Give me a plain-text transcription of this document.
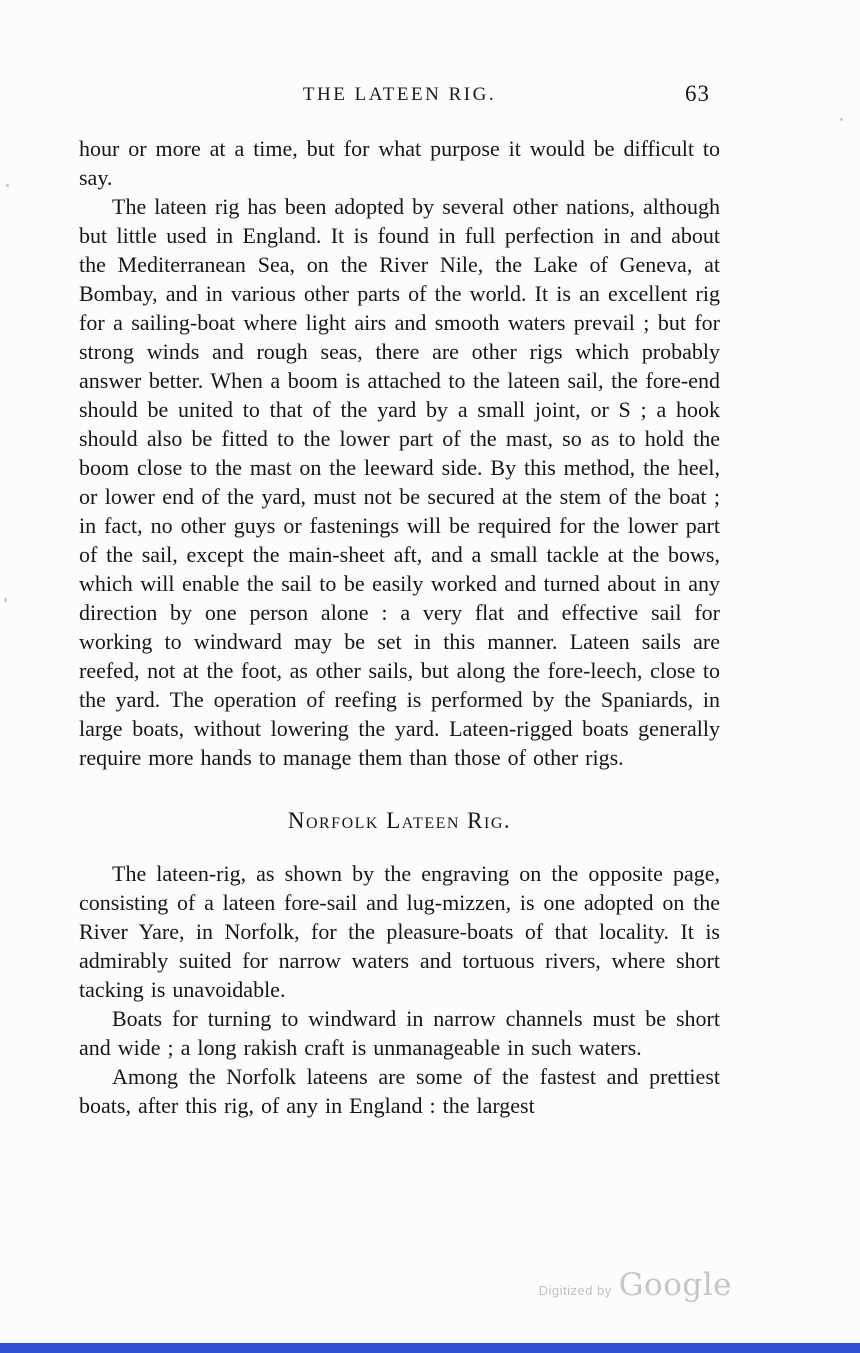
THE LATEEN RIG.	63

hour or more at a time, but for what purpose it would be difficult to say.

The lateen rig has been adopted by several other nations, although but little used in England. It is found in full perfection in and about the Mediterranean Sea, on the River Nile, the Lake of Geneva, at Bombay, and in various other parts of the world. It is an excellent rig for a sailing-boat where light airs and smooth waters prevail ; but for strong winds and rough seas, there are other rigs which probably answer better. When a boom is attached to the lateen sail, the fore-end should be united to that of the yard by a small joint, or S ; a hook should also be fitted to the lower part of the mast, so as to hold the boom close to the mast on the leeward side. By this method, the heel, or lower end of the yard, must not be secured at the stem of the boat ; in fact, no other guys or fastenings will be required for the lower part of the sail, except the main-sheet aft, and a small tackle at the bows, which will enable the sail to be easily worked and turned about in any direction by one person alone : a very flat and effective sail for working to windward may be set in this manner. Lateen sails are reefed, not at the foot, as other sails, but along the fore-leech, close to the yard. The operation of reefing is performed by the Spaniards, in large boats, without lowering the yard. Lateen-rigged boats generally require more hands to manage them than those of other rigs.

Norfolk Lateen Rig.

The lateen-rig, as shown by the engraving on the opposite page, consisting of a lateen fore-sail and lug-mizzen, is one adopted on the River Yare, in Norfolk, for the pleasure-boats of that locality. It is admirably suited for narrow waters and tortuous rivers, where short tacking is unavoidable.

Boats for turning to windward in narrow channels must be short and wide ; a long rakish craft is unmanageable in such waters.

Among the Norfolk lateens are some of the fastest and prettiest boats, after this rig, of any in England : the largest

Digitized by Google
